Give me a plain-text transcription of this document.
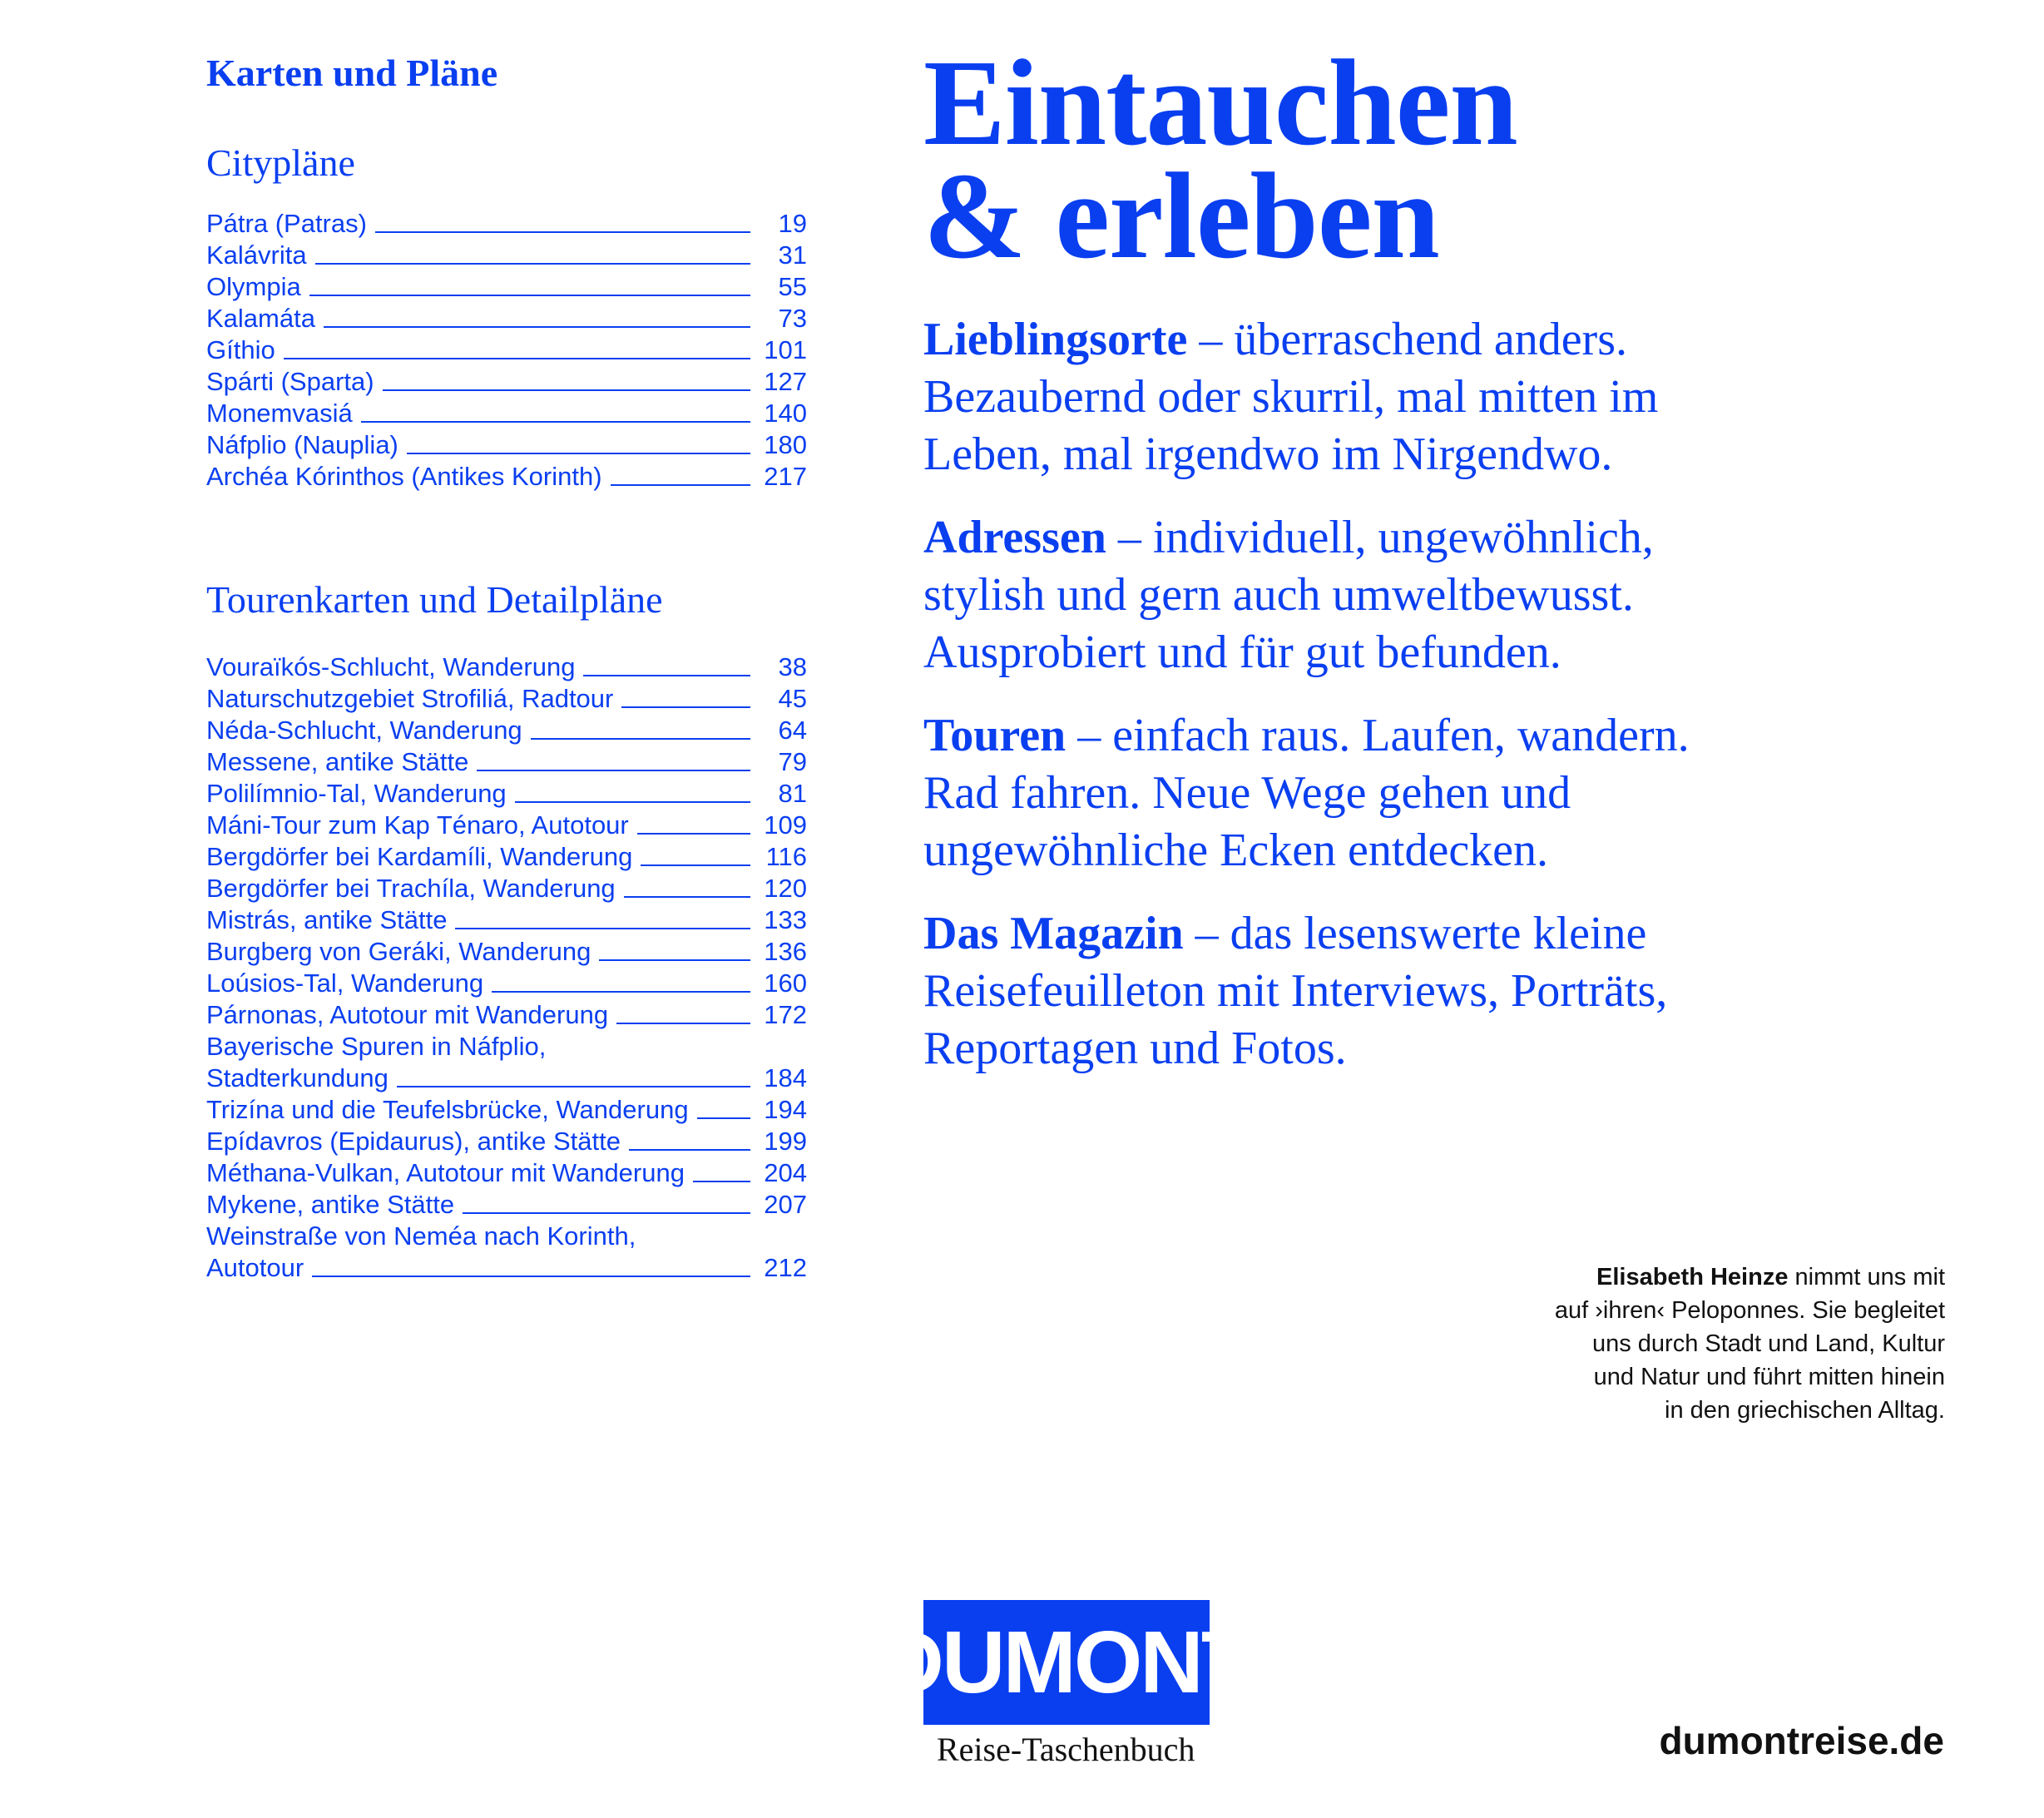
Karten und Pläne
Citypläne
Pátra (Patras)	19
Kalávrita	31
Olympia	55
Kalamáta	73
Gíthio	101
Spárti (Sparta)	127
Monemvasiá	140
Náfplio (Nauplia)	180
Archéa Kórinthos (Antikes Korinth)	217
Tourenkarten und Detailpläne
Vouraïkós-Schlucht, Wanderung	38
Naturschutzgebiet Strofiliá, Radtour	45
Néda-Schlucht, Wanderung	64
Messene, antike Stätte	79
Polilímnio-Tal, Wanderung	81
Máni-Tour zum Kap Ténaro, Autotour	109
Bergdörfer bei Kardamíli, Wanderung	116
Bergdörfer bei Trachíla, Wanderung	120
Mistrás, antike Stätte	133
Burgberg von Geráki, Wanderung	136
Loúsios-Tal, Wanderung	160
Párnonas, Autotour mit Wanderung	172
Bayerische Spuren in Náfplio,
Stadterkundung	184
Trizína und die Teufelsbrücke, Wanderung	194
Epídavros (Epidaurus), antike Stätte	199
Méthana-Vulkan, Autotour mit Wanderung	204
Mykene, antike Stätte	207
Weinstraße von Neméa nach Korinth,
Autotour	212
Eintauchen
& erleben

Lieblingsorte – überraschend anders.
Bezaubernd oder skurril, mal mitten im
Leben, mal irgendwo im Nirgendwo.

Adressen – individuell, ungewöhnlich,
stylish und gern auch umweltbewusst.
Ausprobiert und für gut befunden.

Touren – einfach raus. Laufen, wandern.
Rad fahren. Neue Wege gehen und
ungewöhnliche Ecken entdecken.

Das Magazin – das lesenswerte kleine
Reisefeuilleton mit Interviews, Porträts,
Reportagen und Fotos.

Elisabeth Heinze nimmt uns mit
auf ›ihren‹ Peloponnes. Sie begleitet
uns durch Stadt und Land, Kultur
und Natur und führt mitten hinein
in den griechischen Alltag.
DUMONT
Reise-Taschenbuch	dumontreise.de
